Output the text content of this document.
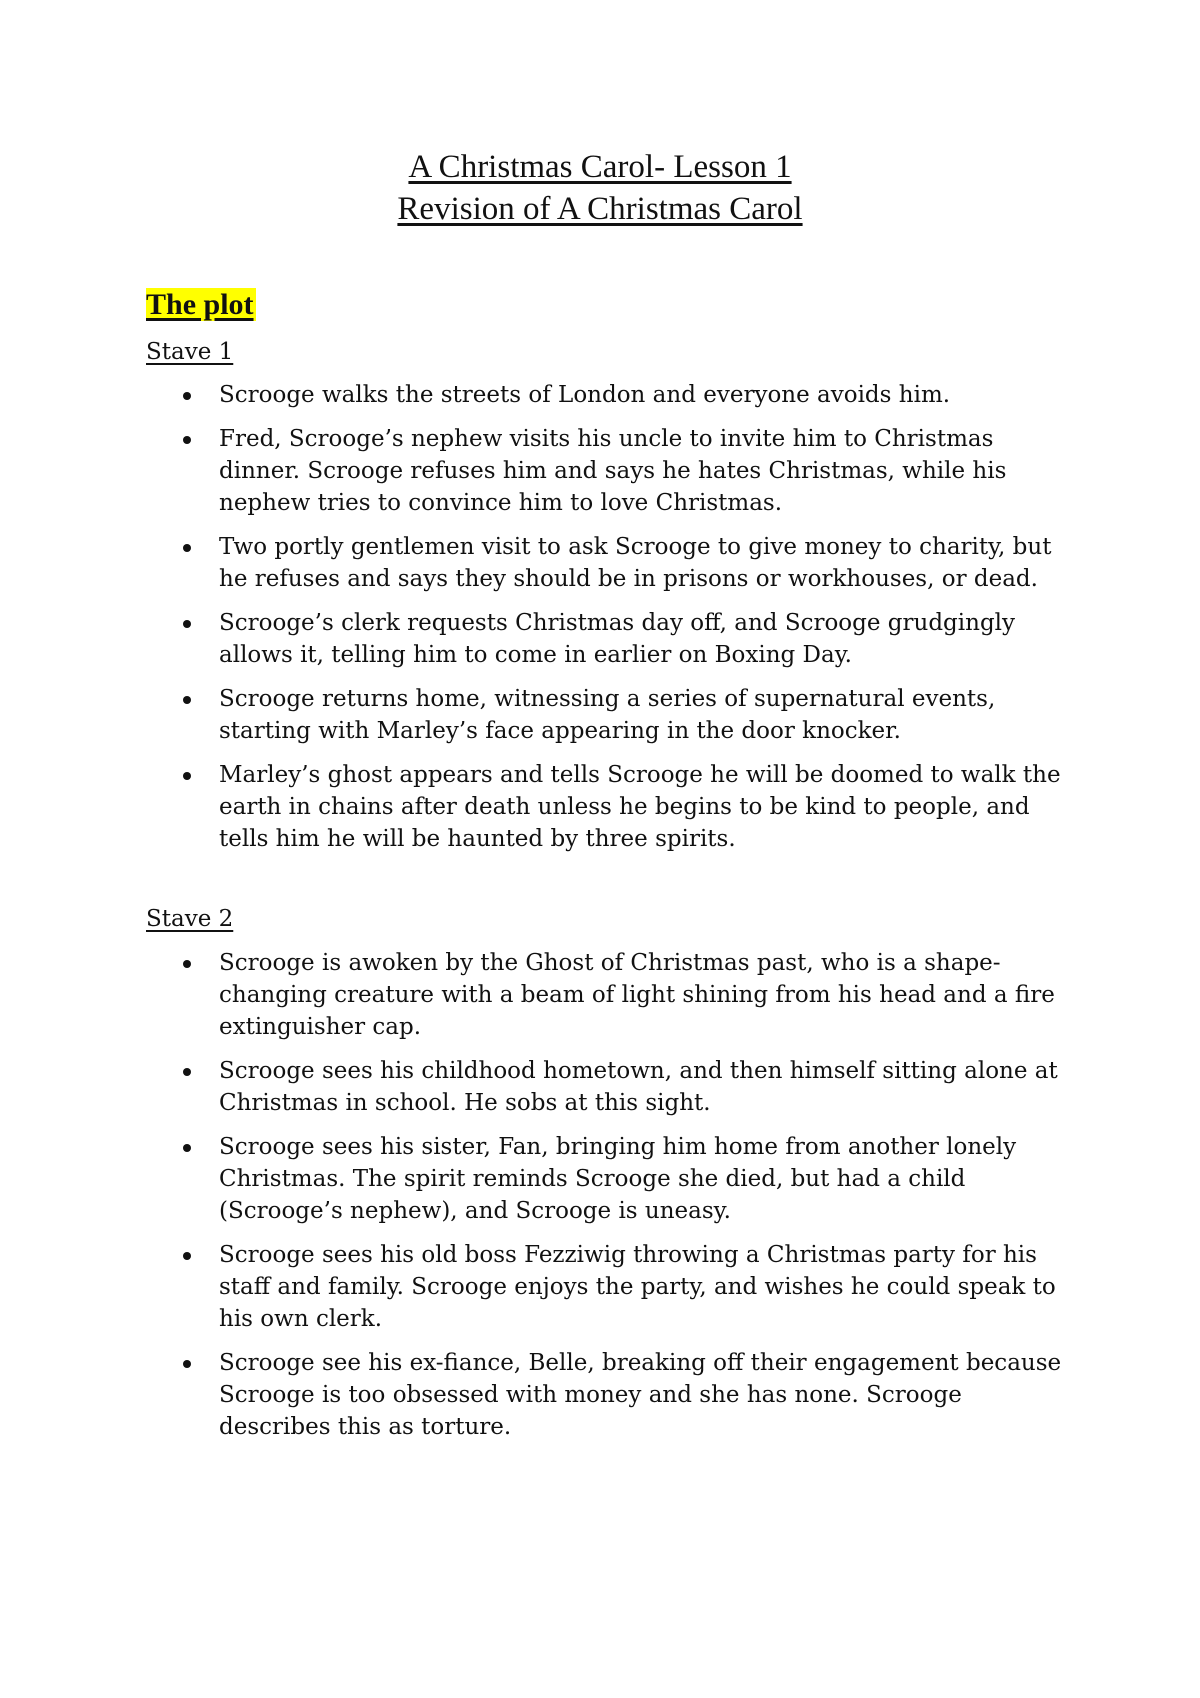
A Christmas Carol- Lesson 1
Revision of A Christmas Carol
The plot
Stave 1
Scrooge walks the streets of London and everyone avoids him.
Fred, Scrooge’s nephew visits his uncle to invite him to Christmas dinner. Scrooge refuses him and says he hates Christmas, while his nephew tries to convince him to love Christmas.
Two portly gentlemen visit to ask Scrooge to give money to charity, but he refuses and says they should be in prisons or workhouses, or dead.
Scrooge’s clerk requests Christmas day off, and Scrooge grudgingly allows it, telling him to come in earlier on Boxing Day.
Scrooge returns home, witnessing a series of supernatural events, starting with Marley’s face appearing in the door knocker.
Marley’s ghost appears and tells Scrooge he will be doomed to walk the earth in chains after death unless he begins to be kind to people, and tells him he will be haunted by three spirits.
Stave 2
Scrooge is awoken by the Ghost of Christmas past, who is a shape-changing creature with a beam of light shining from his head and a fire extinguisher cap.
Scrooge sees his childhood hometown, and then himself sitting alone at Christmas in school. He sobs at this sight.
Scrooge sees his sister, Fan, bringing him home from another lonely Christmas. The spirit reminds Scrooge she died, but had a child (Scrooge’s nephew), and Scrooge is uneasy.
Scrooge sees his old boss Fezziwig throwing a Christmas party for his staff and family. Scrooge enjoys the party, and wishes he could speak to his own clerk.
Scrooge see his ex-fiance, Belle, breaking off their engagement because Scrooge is too obsessed with money and she has none. Scrooge describes this as torture.
